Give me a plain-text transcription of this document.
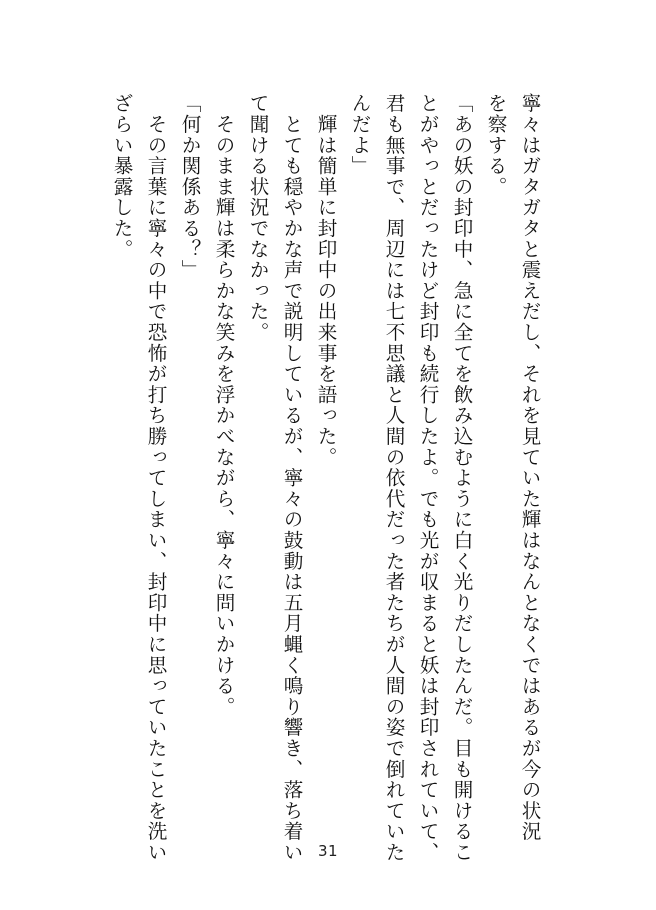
寧々はガタガタと震えだし、それを見ていた輝はなんとなくではあるが今の状況
を察する。
「あの妖の封印中、急に全てを飲み込むように白く光りだしたんだ。目も開けるこ
とがやっとだったけど封印も続行したよ。でも光が収まると妖は封印されていて、
君も無事で、周辺には七不思議と人間の依代だった者たちが人間の姿で倒れていた
んだよ」
　輝は簡単に封印中の出来事を語った。
　とても穏やかな声で説明しているが、寧々の鼓動は五月蝿く鳴り響き、落ち着い
て聞ける状況でなかった。
　そのまま輝は柔らかな笑みを浮かべながら、寧々に問いかける。
「何か関係ある？」
　その言葉に寧々の中で恐怖が打ち勝ってしまい、封印中に思っていたことを洗い
ざらい暴露した。
31
